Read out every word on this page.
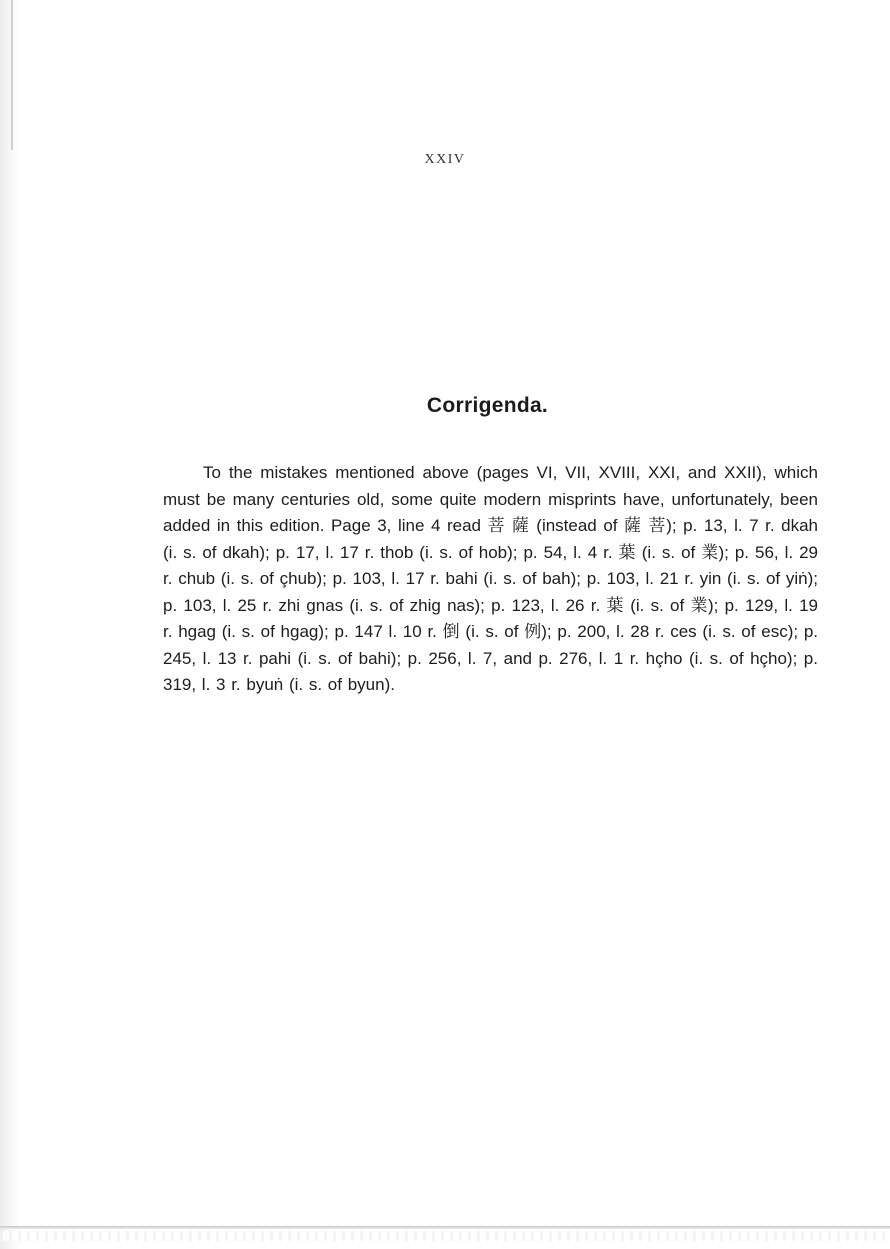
XXIV
Corrigenda.

To the mistakes mentioned above (pages VI, VII, XVIII, XXI, and XXII), which must be many centuries old, some quite modern misprints have, unfortunately, been added in this edition. Page 3, line 4 read 菩 薩 (instead of 薩 菩); p. 13, l. 7 r. dkah (i. s. of dkah); p. 17, l. 17 r. thob (i. s. of hob); p. 54, l. 4 r. 葉 (i. s. of 業); p. 56, l. 29 r. chub (i. s. of çhub); p. 103, l. 17 r. bahi (i. s. of bah); p. 103, l. 21 r. yin (i. s. of yiṅ); p. 103, l. 25 r. zhi gnas (i. s. of zhig nas); p. 123, l. 26 r. 葉 (i. s. of 業); p. 129, l. 19 r. hgag (i. s. of hgag); p. 147 l. 10 r. 倒 (i. s. of 例); p. 200, l. 28 r. ces (i. s. of esc); p. 245, l. 13 r. pahi (i. s. of bahi); p. 256, l. 7, and p. 276, l. 1 r. hçho (i. s. of hçho); p. 319, l. 3 r. byuṅ (i. s. of byun).
